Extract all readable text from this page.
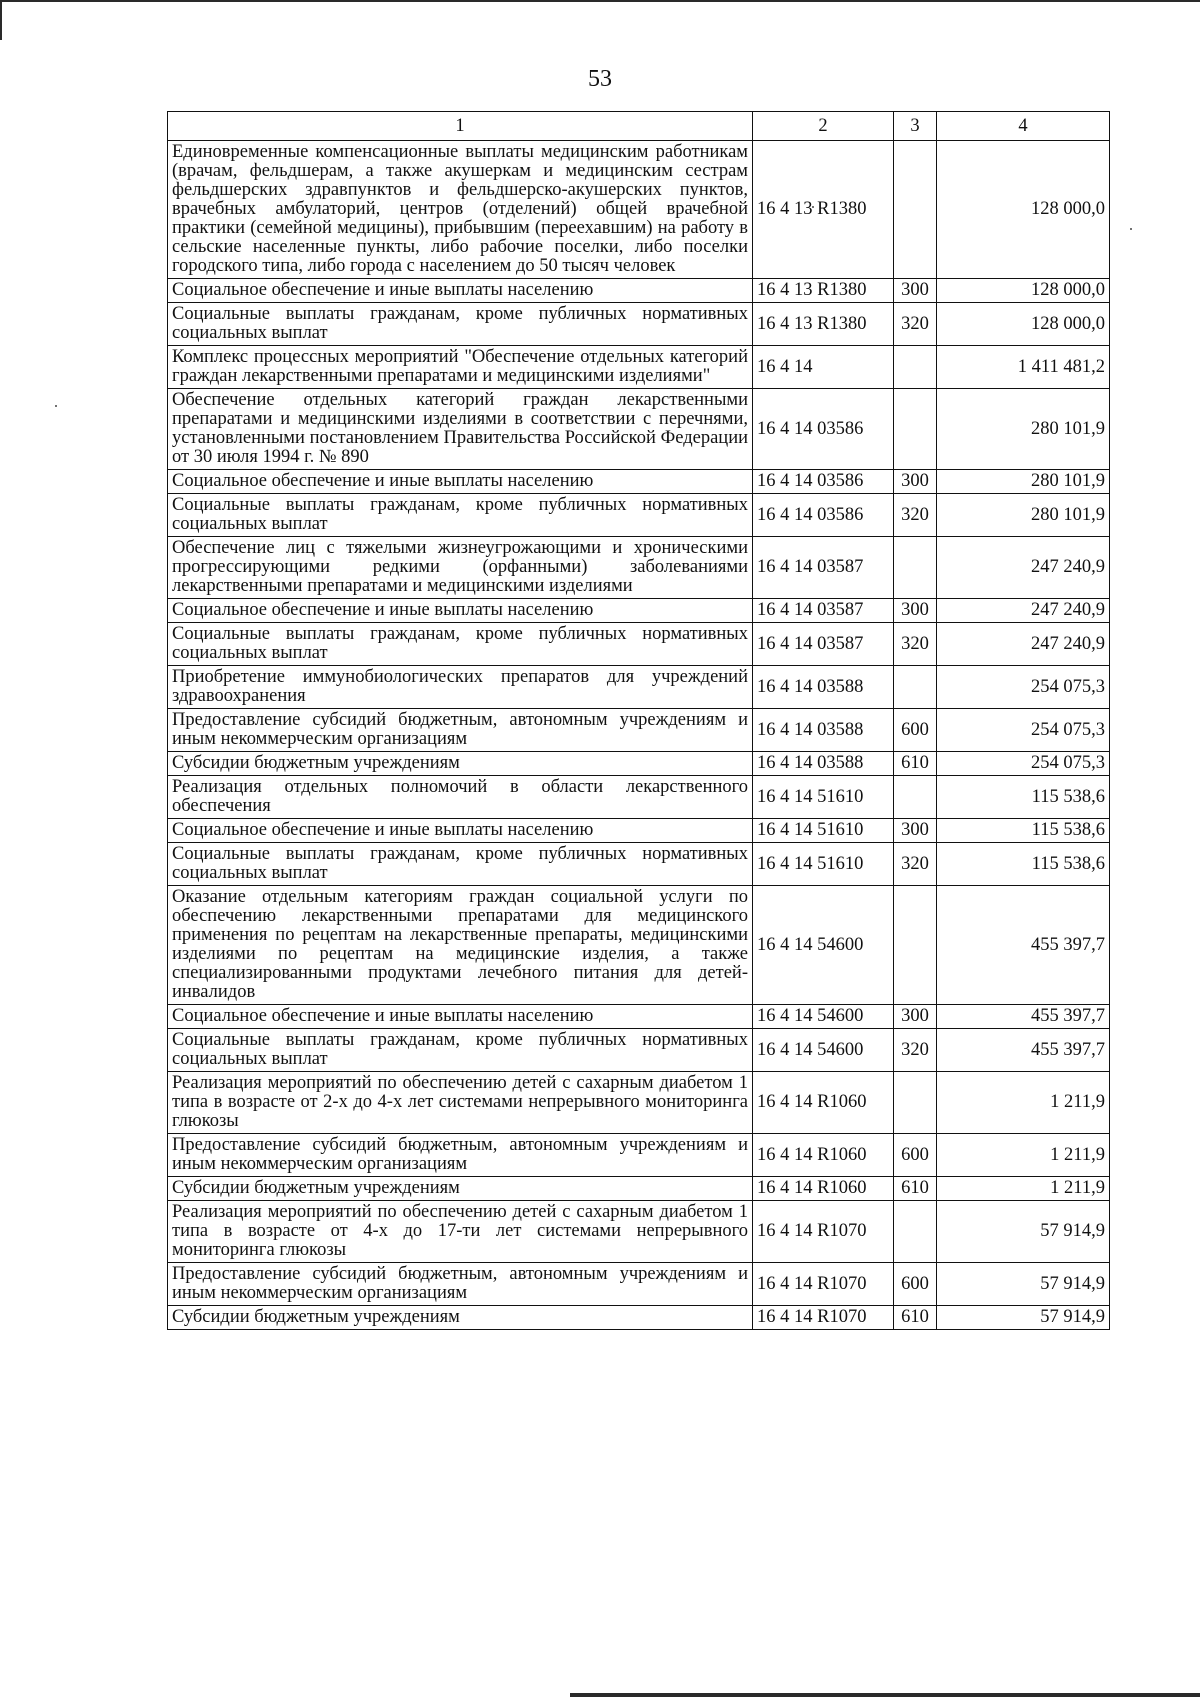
53
1	2	3	4
Единовременные компенсационные выплаты медицинским работникам (врачам, фельдшерам, а также акушеркам и медицинским сестрам фельдшерских здравпунктов и фельдшерско-акушерских пунктов, врачебных амбулаторий, центров (отделений) общей врачебной практики (семейной медицины), прибывшим (переехавшим) на работу в сельские населенные пункты, либо рабочие поселки, либо поселки городского типа, либо города с населением до 50 тысяч человек	16 4 13 R1380		128 000,0
Социальное обеспечение и иные выплаты населению	16 4 13 R1380	300	128 000,0
Социальные выплаты гражданам, кроме публичных нормативных социальных выплат	16 4 13 R1380	320	128 000,0
Комплекс процессных мероприятий "Обеспечение отдельных категорий граждан лекарственными препаратами и медицинскими изделиями"	16 4 14		1 411 481,2
Обеспечение отдельных категорий граждан лекарственными препаратами и медицинскими изделиями в соответствии с перечнями, установленными постановлением Правительства Российской Федерации от 30 июля 1994 г. № 890	16 4 14 03586		280 101,9
Социальное обеспечение и иные выплаты населению	16 4 14 03586	300	280 101,9
Социальные выплаты гражданам, кроме публичных нормативных социальных выплат	16 4 14 03586	320	280 101,9
Обеспечение лиц с тяжелыми жизнеугрожающими и хроническими прогрессирующими редкими (орфанными) заболеваниями лекарственными препаратами и медицинскими изделиями	16 4 14 03587		247 240,9
Социальное обеспечение и иные выплаты населению	16 4 14 03587	300	247 240,9
Социальные выплаты гражданам, кроме публичных нормативных социальных выплат	16 4 14 03587	320	247 240,9
Приобретение иммунобиологических препаратов для учреждений здравоохранения	16 4 14 03588		254 075,3
Предоставление субсидий бюджетным, автономным учреждениям и иным некоммерческим организациям	16 4 14 03588	600	254 075,3
Субсидии бюджетным учреждениям	16 4 14 03588	610	254 075,3
Реализация отдельных полномочий в области лекарственного обеспечения	16 4 14 51610		115 538,6
Социальное обеспечение и иные выплаты населению	16 4 14 51610	300	115 538,6
Социальные выплаты гражданам, кроме публичных нормативных социальных выплат	16 4 14 51610	320	115 538,6
Оказание отдельным категориям граждан социальной услуги по обеспечению лекарственными препаратами для медицинского применения по рецептам на лекарственные препараты, медицинскими изделиями по рецептам на медицинские изделия, а также специализированными продуктами лечебного питания для детей-инвалидов	16 4 14 54600		455 397,7
Социальное обеспечение и иные выплаты населению	16 4 14 54600	300	455 397,7
Социальные выплаты гражданам, кроме публичных нормативных социальных выплат	16 4 14 54600	320	455 397,7
Реализация мероприятий по обеспечению детей с сахарным диабетом 1 типа в возрасте от 2-х до 4-х лет системами непрерывного мониторинга глюкозы	16 4 14 R1060		1 211,9
Предоставление субсидий бюджетным, автономным учреждениям и иным некоммерческим организациям	16 4 14 R1060	600	1 211,9
Субсидии бюджетным учреждениям	16 4 14 R1060	610	1 211,9
Реализация мероприятий по обеспечению детей с сахарным диабетом 1 типа в возрасте от 4-х до 17-ти лет системами непрерывного мониторинга глюкозы	16 4 14 R1070		57 914,9
Предоставление субсидий бюджетным, автономным учреждениям и иным некоммерческим организациям	16 4 14 R1070	600	57 914,9
Субсидии бюджетным учреждениям	16 4 14 R1070	610	57 914,9
